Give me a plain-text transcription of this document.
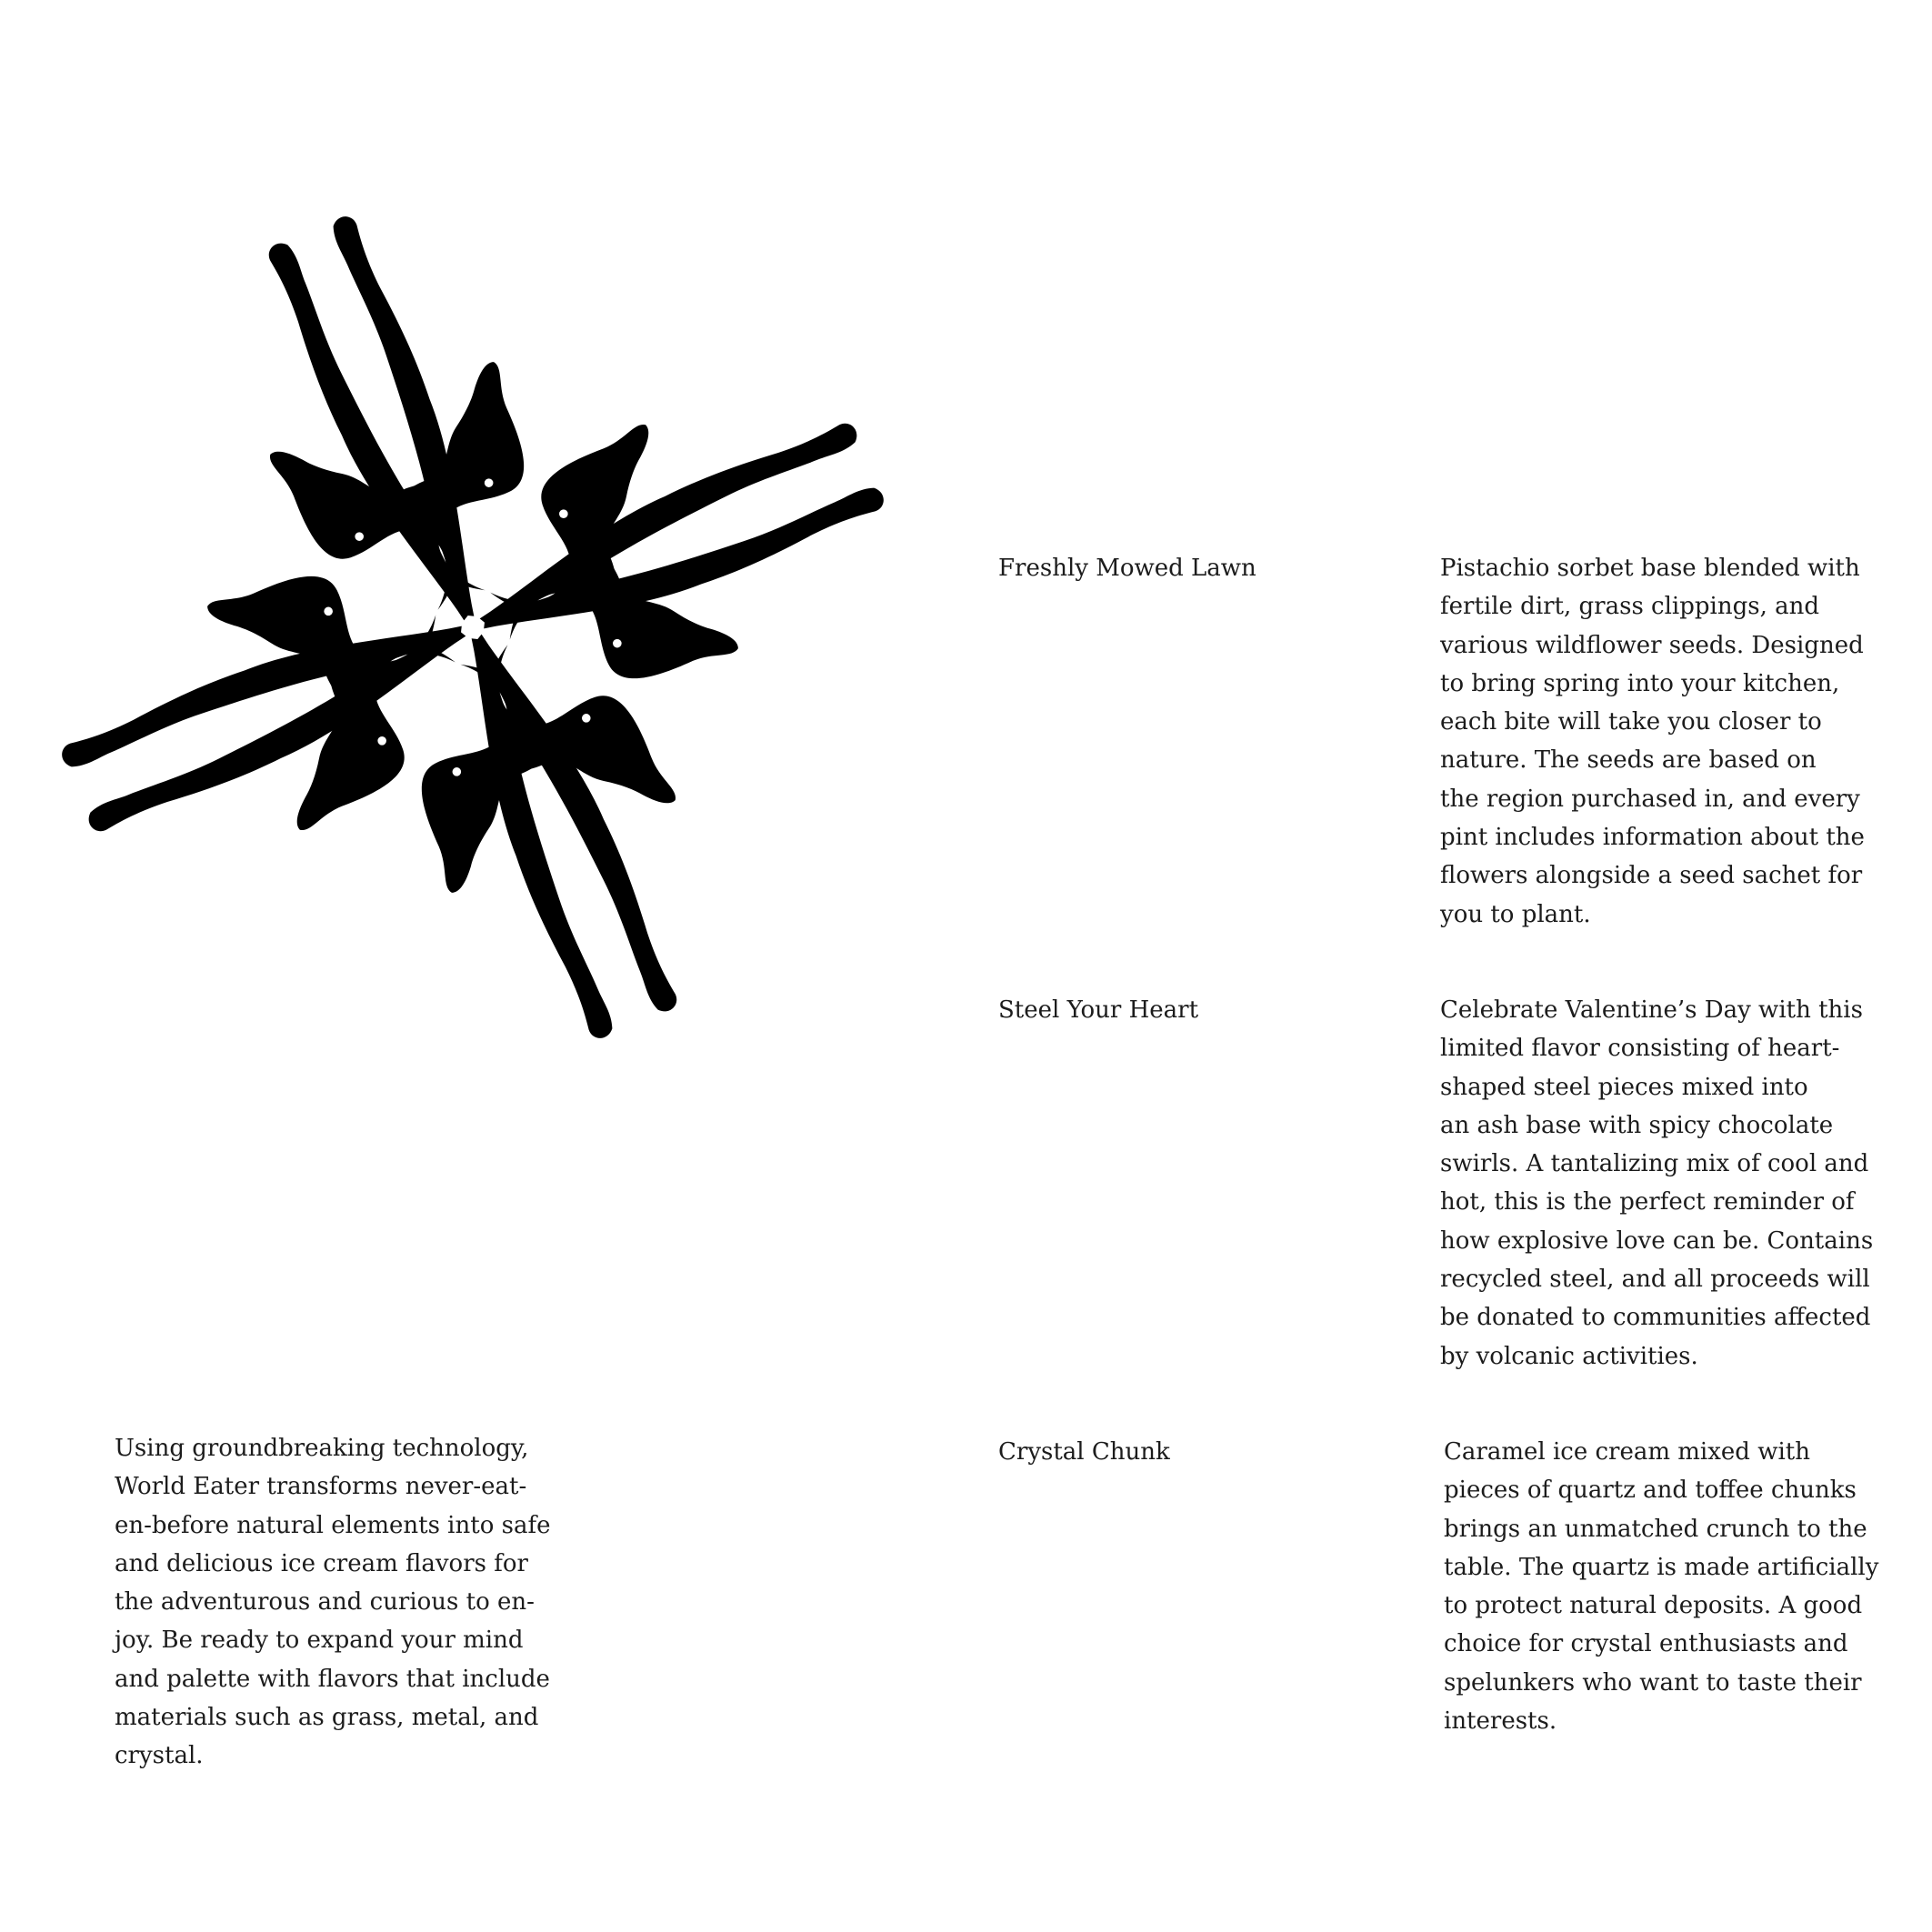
Freshly Mowed Lawn	Pistachio sorbet base blended with
fertile dirt, grass clippings, and
various wildflower seeds. Designed
to bring spring into your kitchen,
each bite will take you closer to
nature. The seeds are based on
the region purchased in, and every
pint includes information about the
flowers alongside a seed sachet for
you to plant.

Steel Your Heart	Celebrate Valentine’s Day with this
limited flavor consisting of heart-
shaped steel pieces mixed into
an ash base with spicy chocolate
swirls. A tantalizing mix of cool and
hot, this is the perfect reminder of
how explosive love can be. Contains
recycled steel, and all proceeds will
be donated to communities affected
by volcanic activities.

Crystal Chunk	Caramel ice cream mixed with
pieces of quartz and toffee chunks
brings an unmatched crunch to the
table. The quartz is made artificially
to protect natural deposits. A good
choice for crystal enthusiasts and
spelunkers who want to taste their
interests.

Using groundbreaking technology,
World Eater transforms never-eat-
en-before natural elements into safe
and delicious ice cream flavors for
the adventurous and curious to en-
joy. Be ready to expand your mind
and palette with flavors that include
materials such as grass, metal, and
crystal.
